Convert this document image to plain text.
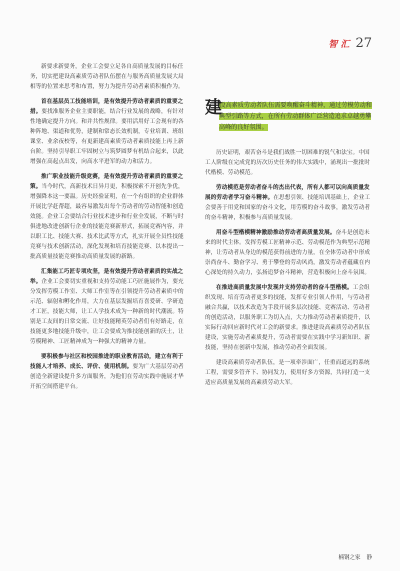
智 汇 27

新要求新要务，企业工会要立足各自高质量发展的目标任务，切实把建设高素质劳动者队伍摆在与服务高质量发展大局相等的位置来思考和布置，努力为提升劳动者素质积极作为。

首在基层员工技能培训，是有效提升劳动者素质的重要之措。要找准服务企业主要职能，结合行业发展的战略，有针对性地确定提升方向。和并共性规律。要用活用好工会现有的各种阵地、渠道和优势，建制和常态长效机制，专业培训、班组课堂、业余夜校等，有更新建高素质劳动者素质技能上再上新台阶。坚持引导职工牢固树立与筑梦圆梦有机结合起来，以此增强在高起点出发，向高水平进军的动力和活力。

推广职业技能升级竞赛，是有效提升劳动者素质的重要之策。当今时代，高新技术日异月更，积极探索不开创先争优，增强降本这一要温。历史经验证明，在一个有组织的企业群体开展比学赶帮超，最容易激发出每个劳动者的劳动智能和创造效能。企业工会要结合行业技术进步和行业全发展，不断与时俱进地改进创新行企业的技能竞赛新形式，拓展竞赛内容，并以职工比、技能大赛、技术比武等方式，扎实开展全员性技能竞赛与技术创新活动，深化发现和培育技能竞赛、以本提出一批高质量技能竞赛推动高质量发展的新路。

汇集能工巧匠专项攻坚，是有效提升劳动者素质的实战之举。企业工会要切实重视和支持劳动能工巧匠施展作为，要充分发挥劳模工作室、大师工作室等在引领提升劳动者素质中的示范、辐射和孵化作用，大力在基层发掘培育喜爱研、学研造才工匠，技能大师，让工人学技术成为一种新的时代潮流。特别是工友间的日常交流、让好技能精英劳动者们有好路走，在技能更多地技能升级中，让工会要成为推技能创新的沃土，让劳模精神、工匠精神成为一种强大的精神力量。

要积极参与社区和校园推进的职业教育活动，建立有利于技能人才培养、成长、评价、使用机制。要为广大基层劳动者创造全新建设提升多方面服务，为他们在劳动实践中施展才华开拓空间搭建平台。

建
设高素质劳动者队伍需要唤醒奋斗精神，通过劳模劳动和典型引路等方式，在所有劳动群体广泛营造追求卓越勇攀高峰的良好氛围。

历史证明，艰苦奋斗是我们战胜一切困难的锐气和法宝。中国工人阶级在完成党的历次历史任务的伟大实践中，涌现出一批批时代楷模、劳动模范。

劳动模范是劳动者奋斗的杰出代表，所有人都可以向高质量发展的劳动者学习奋斗精神。在思想引领、技能培训基础上，企业工会要善于用党和国家的奋斗文化，用劳模的奋斗故事，激发劳动者的奋斗精神，积极参与高质量发展。

用奋斗型楷模精神激励推动劳动者高质量发展。奋斗是创造未来的时代主体。发挥劳模工匠精神示范、劳动模范作为典型示范精神，让劳动者从身边的模范获得前进的力量，在全体劳动者中形成崇尚奋斗、勤奋学习、勇于攀登的劳动风尚，激发劳动者蕴藏在内心深处的持久动力，弘扬追梦奋斗精神，营造积极向上奋斗氛围。

在推进高质量发展中发现并支持劳动者的奋斗型楷模。工会组织发现、培育劳动者更多的技能，发挥专业引领人作用，与劳动者融合共赢，以技术改造为手段开展多层次技能、竞赛活动、劳动者的创造活动，以服务职工为切入点，大力推动劳动者素质提升，以实际行动回应新时代对工会的新要求。推进建设高素质劳动者队伍建设，实施劳动者素质提升，劳动者需要在实践中学习新知识、新技能，坚持在创新中发展，推动劳动者全面发展。

建设高素质劳动者队伍，是一项牵涉面广，任重而道远的系统工程，需要多管齐下、协同发力，使用好多方资源，共同打造一支适应高质量发展的高素质劳动大军。

楠钢之家 静
